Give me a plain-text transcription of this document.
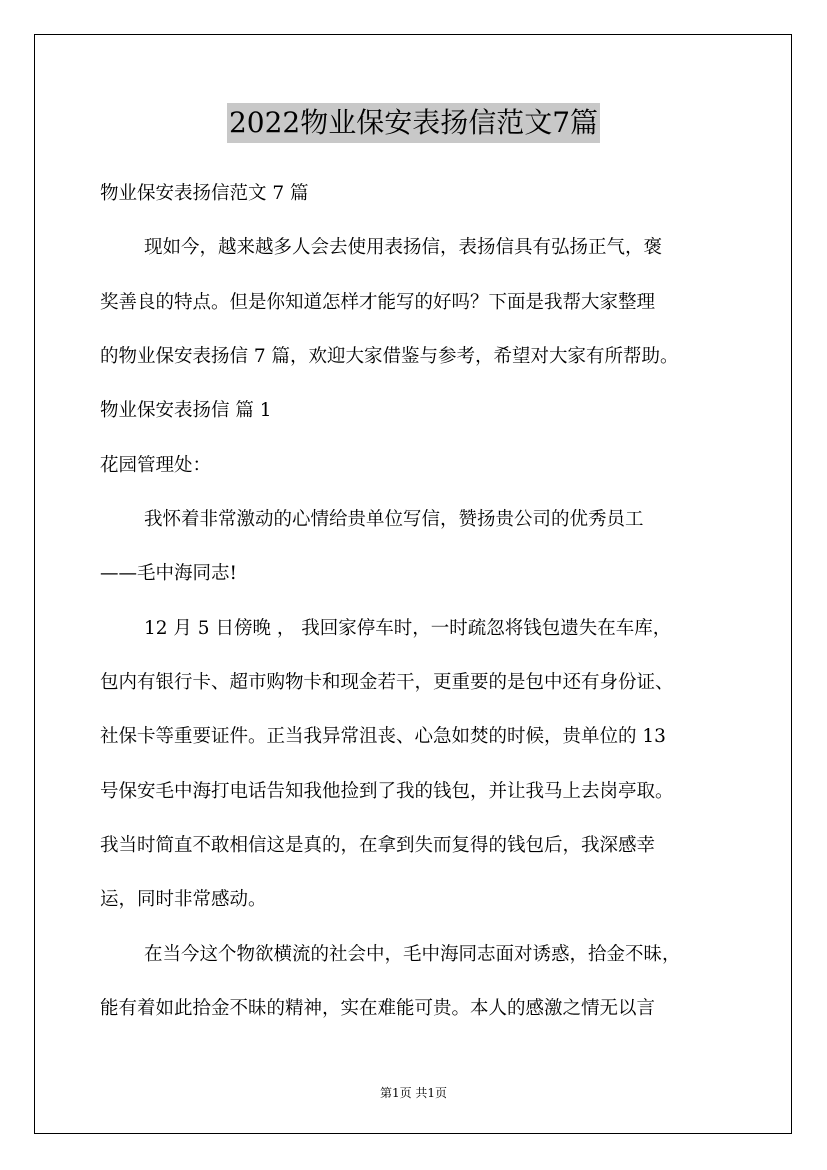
2022物业保安表扬信范文7篇
物业保安表扬信范文 7 篇
现如今，越来越多人会去使用表扬信，表扬信具有弘扬正气，褒
奖善良的特点。但是你知道怎样才能写的好吗？下面是我帮大家整理
的物业保安表扬信 7 篇，欢迎大家借鉴与参考，希望对大家有所帮助。
物业保安表扬信 篇 1
花园管理处：
我怀着非常激动的心情给贵单位写信，赞扬贵公司的优秀员工
——毛中海同志!
12 月 5 日傍晚 ， 我回家停车时，一时疏忽将钱包遗失在车库，
包内有银行卡、超市购物卡和现金若干，更重要的是包中还有身份证、
社保卡等重要证件。正当我异常沮丧、心急如焚的时候，贵单位的 13
号保安毛中海打电话告知我他捡到了我的钱包，并让我马上去岗亭取。
我当时简直不敢相信这是真的，在拿到失而复得的钱包后，我深感幸
运，同时非常感动。
在当今这个物欲横流的社会中，毛中海同志面对诱惑，拾金不昧，
能有着如此拾金不昧的精神，实在难能可贵。本人的感激之情无以言
第1页 共1页
